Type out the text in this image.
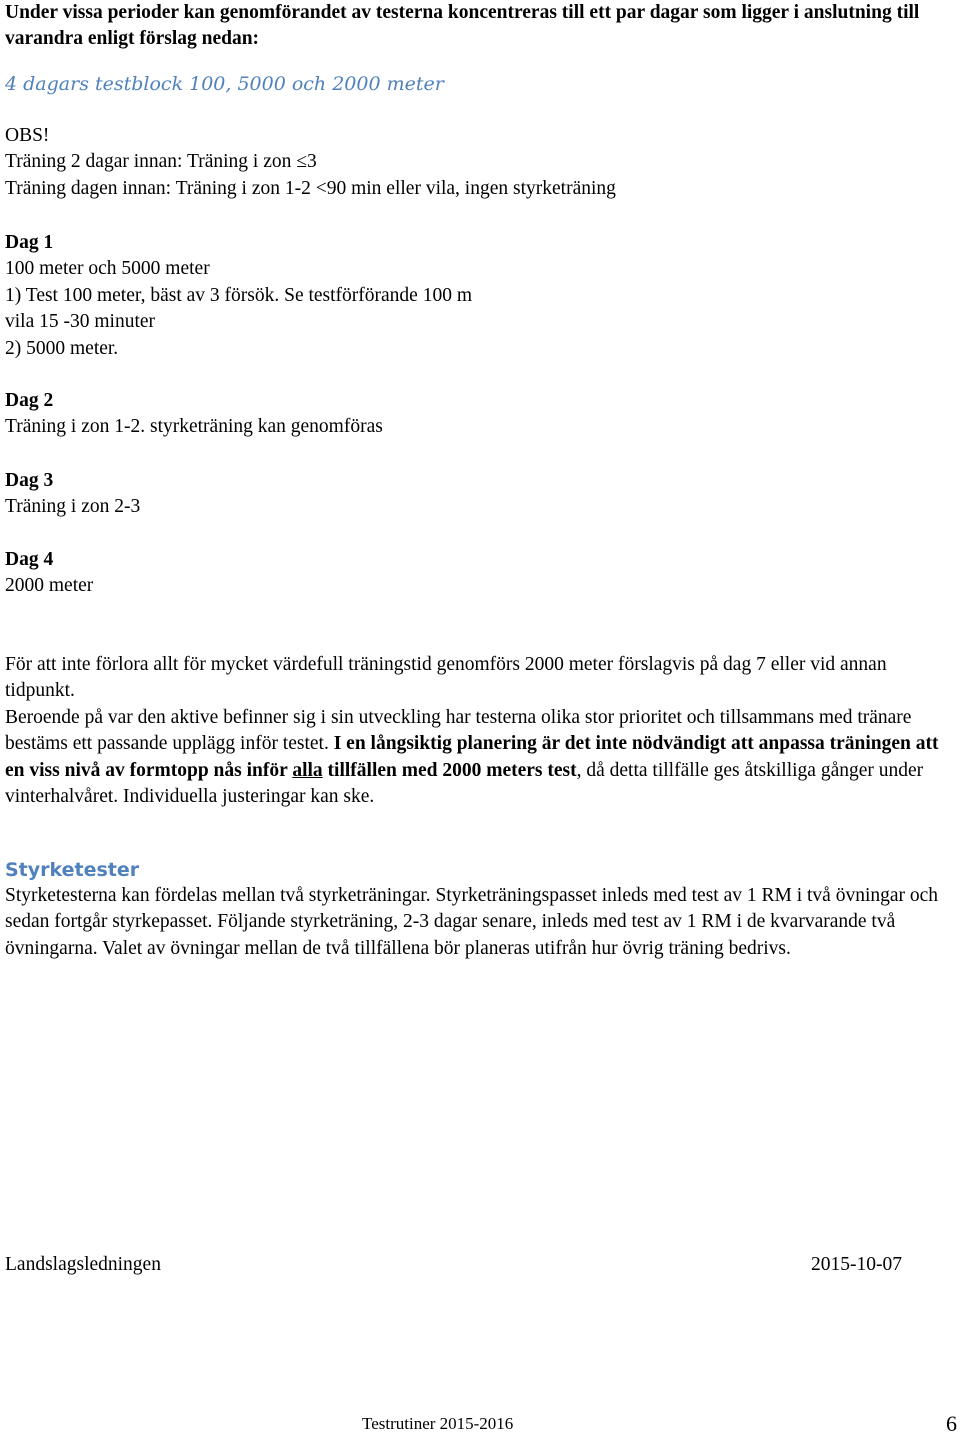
Under vissa perioder kan genomförandet av testerna koncentreras till ett par dagar som ligger i anslutning till varandra enligt förslag nedan:

4 dagars testblock 100, 5000 och 2000 meter

OBS!
Träning 2 dagar innan: Träning i zon ≤3
Träning dagen innan: Träning i zon 1-2 <90 min eller vila, ingen styrketräning
Dag 1
100 meter och 5000 meter
1) Test 100 meter, bäst av 3 försök. Se testförförande 100 m
vila 15 -30 minuter
2) 5000 meter.
Dag 2
Träning i zon 1-2. styrketräning kan genomföras
Dag 3
Träning i zon 2-3
Dag 4
2000 meter

För att inte förlora allt för mycket värdefull träningstid genomförs 2000 meter förslagvis på dag 7 eller vid annan tidpunkt.

Beroende på var den aktive befinner sig i sin utveckling har testerna olika stor prioritet och tillsammans med tränare bestäms ett passande upplägg inför testet. I en långsiktig planering är det inte nödvändigt att anpassa träningen att en viss nivå av formtopp nås inför alla tillfällen med 2000 meters test, då detta tillfälle ges åtskilliga gånger under vinterhalvåret. Individuella justeringar kan ske.

Styrketester

Styrketesterna kan fördelas mellan två styrketräningar. Styrketräningspasset inleds med test av 1 RM i två övningar och sedan fortgår styrkepasset. Följande styrketräning, 2-3 dagar senare, inleds med test av 1 RM i de kvarvarande två övningarna. Valet av övningar mellan de två tillfällena bör planeras utifrån hur övrig träning bedrivs.

Landslagsledningen	2015-10-07
Testrutiner 2015-2016	6
